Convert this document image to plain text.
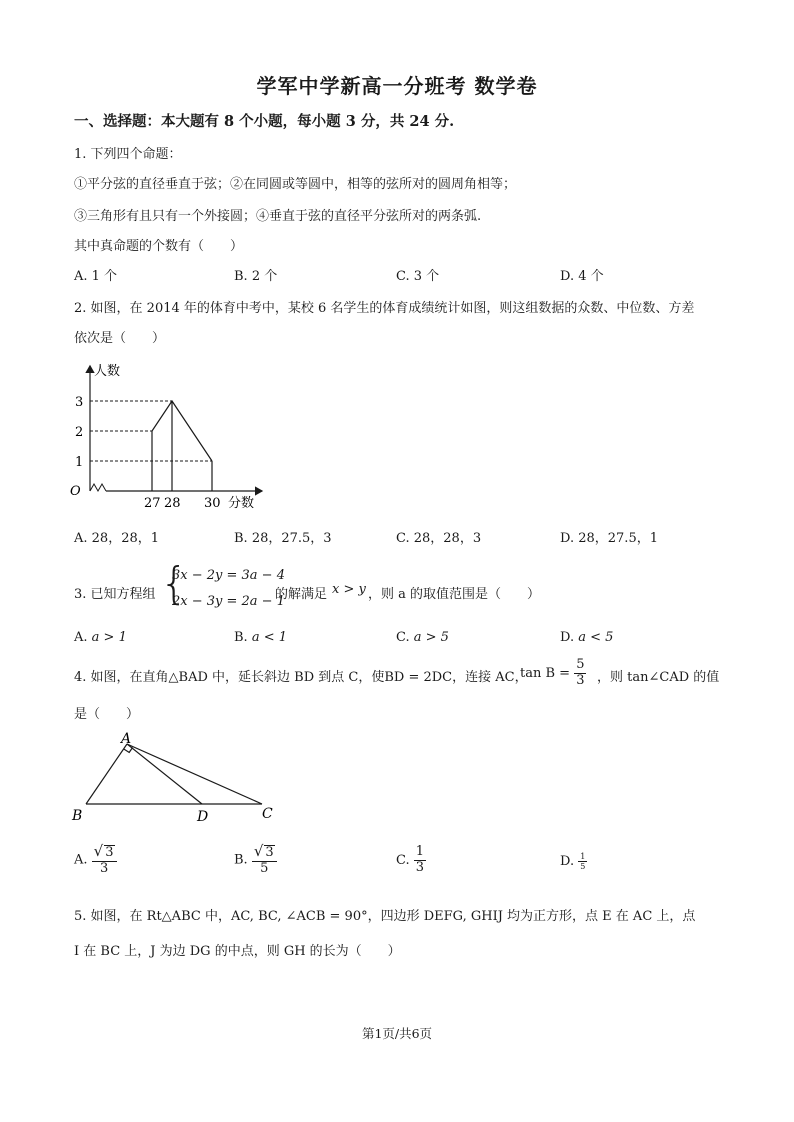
学军中学新高一分班考 数学卷
一、选择题：本大题有 8 个小题，每小题 3 分，共 24 分.
1. 下列四个命题：
①平分弦的直径垂直于弦；②在同圆或等圆中，相等的弦所对的圆周角相等；
③三角形有且只有一个外接圆；④垂直于弦的直径平分弦所对的两条弧.
其中真命题的个数有（　　）
A. 1 个	B. 2 个	C. 3 个	D. 4 个
2. 如图，在 2014 年的体育中考中，某校 6 名学生的体育成绩统计如图，则这组数据的众数、中位数、方差
依次是（　　）
人数
分数
O
1
2
3
27 28 30
A. 28，28，1	B. 28，27.5，3	C. 28，28，3	D. 28，27.5，1
3. 已知方程组 {
3x − 2y = 3a − 4
2x − 3y = 2a − 1
的解满足 x > y ，则 a 的取值范围是（　　）
A. a > 1	B. a < 1	C. a > 5	D. a < 5
4. 如图，在直角△BAD 中，延长斜边 BD 到点 C，使BD = 2DC，连接 AC，
$\tan B = \frac{5}{3}$ ，则 tan∠CAD 的值
是（　　）
A
B	D	C
A. $\frac{√ 3}{3}$	B. $\frac{√ 3}{5}$	C. $\frac{1}{3}$	D. $\frac{1}{5}$
5. 如图，在 Rt△ABC 中，AC, BC, ∠ACB = 90°，四边形 DEFG, GHIJ 均为正方形，点 E 在 AC 上，点
I 在 BC 上，J 为边 DG 的中点，则 GH 的长为（　　）
第1页/共6页
